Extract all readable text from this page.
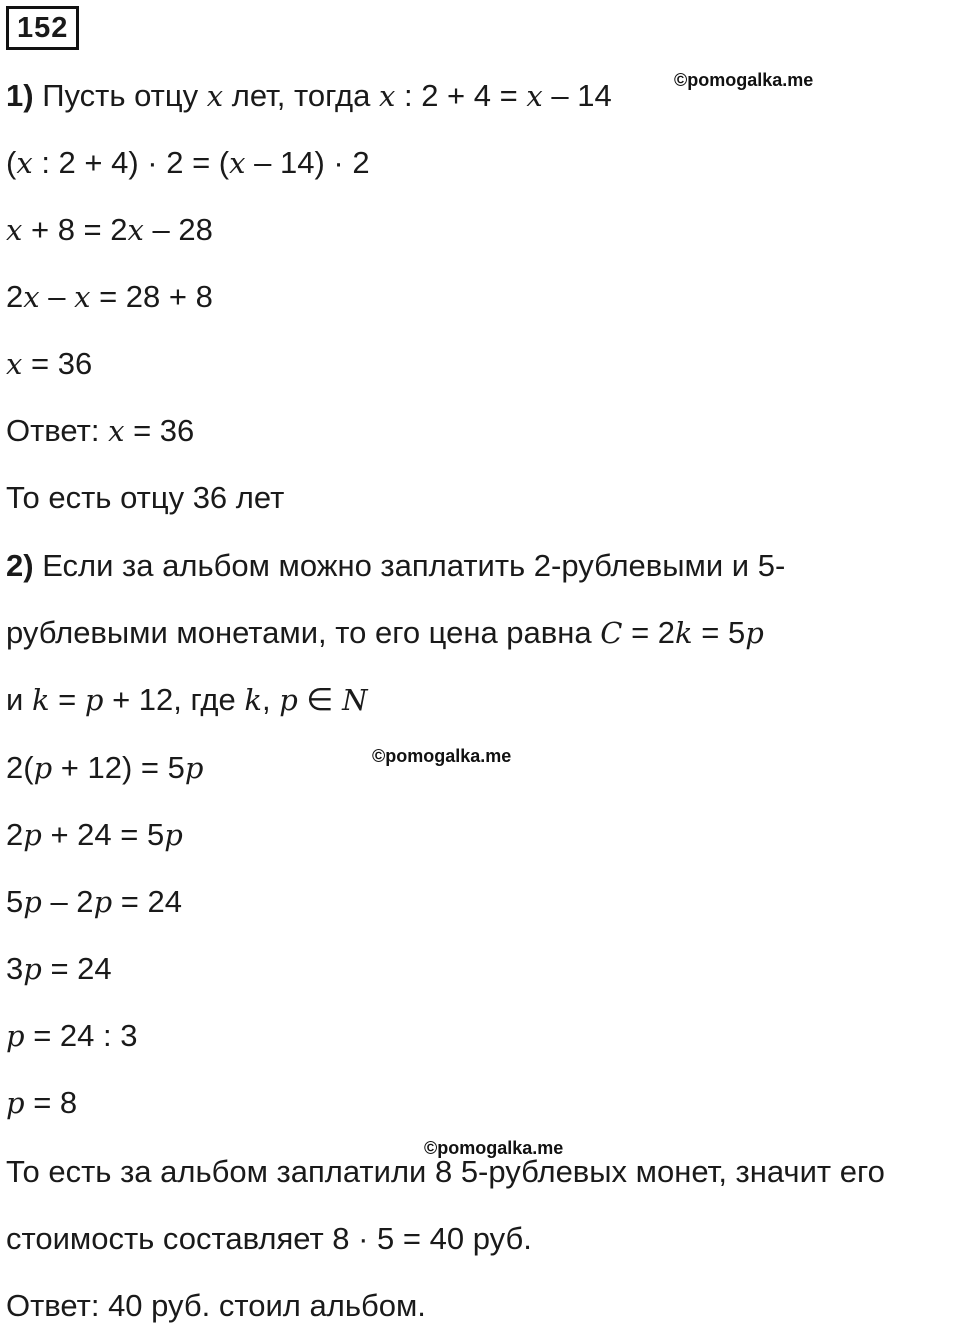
152
©pomogalka.me
©pomogalka.me
©pomogalka.me
1) Пусть отцу x лет, тогда x : 2 + 4 = x – 14
(x : 2 + 4) · 2 = (x – 14) · 2
x + 8 = 2x – 28
2x – x = 28 + 8
x = 36
Ответ: x = 36
То есть отцу 36 лет
2) Если за альбом можно заплатить 2-рублевыми и 5-
рублевыми монетами, то его цена равна C = 2k = 5p
и k = p + 12, где k, p ∈ N
2(p + 12) = 5p
2p + 24 = 5p
5p – 2p = 24
3p = 24
p = 24 : 3
p = 8
То есть за альбом заплатили 8 5-рублевых монет, значит его
стоимость составляет 8 · 5 = 40 руб.
Ответ: 40 руб. стоил альбом.
